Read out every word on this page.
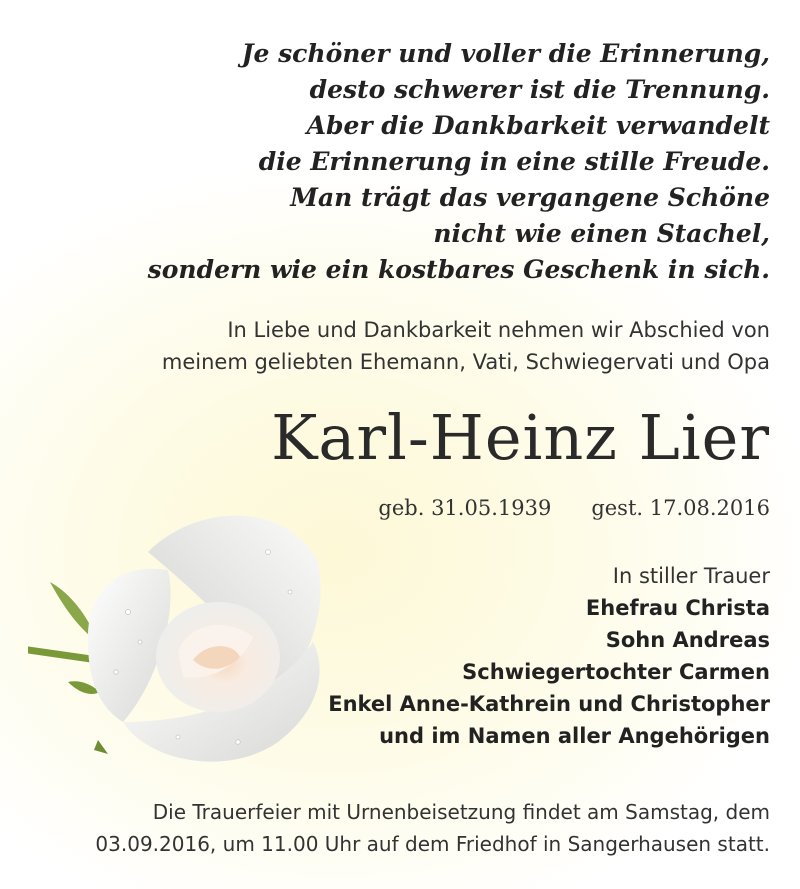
Je schöner und voller die Erinnerung,
desto schwerer ist die Trennung.
Aber die Dankbarkeit verwandelt
die Erinnerung in eine stille Freude.
Man trägt das vergangene Schöne
nicht wie einen Stachel,
sondern wie ein kostbares Geschenk in sich.
In Liebe und Dankbarkeit nehmen wir Abschied von
meinem geliebten Ehemann, Vati, Schwiegervati und Opa
Karl-Heinz Lier
geb. 31.05.1939 gest. 17.08.2016
In stiller Trauer
Ehefrau Christa
Sohn Andreas
Schwiegertochter Carmen
Enkel Anne-Kathrein und Christopher
und im Namen aller Angehörigen
Die Trauerfeier mit Urnenbeisetzung findet am Samstag, dem
03.09.2016, um 11.00 Uhr auf dem Friedhof in Sangerhausen statt.
